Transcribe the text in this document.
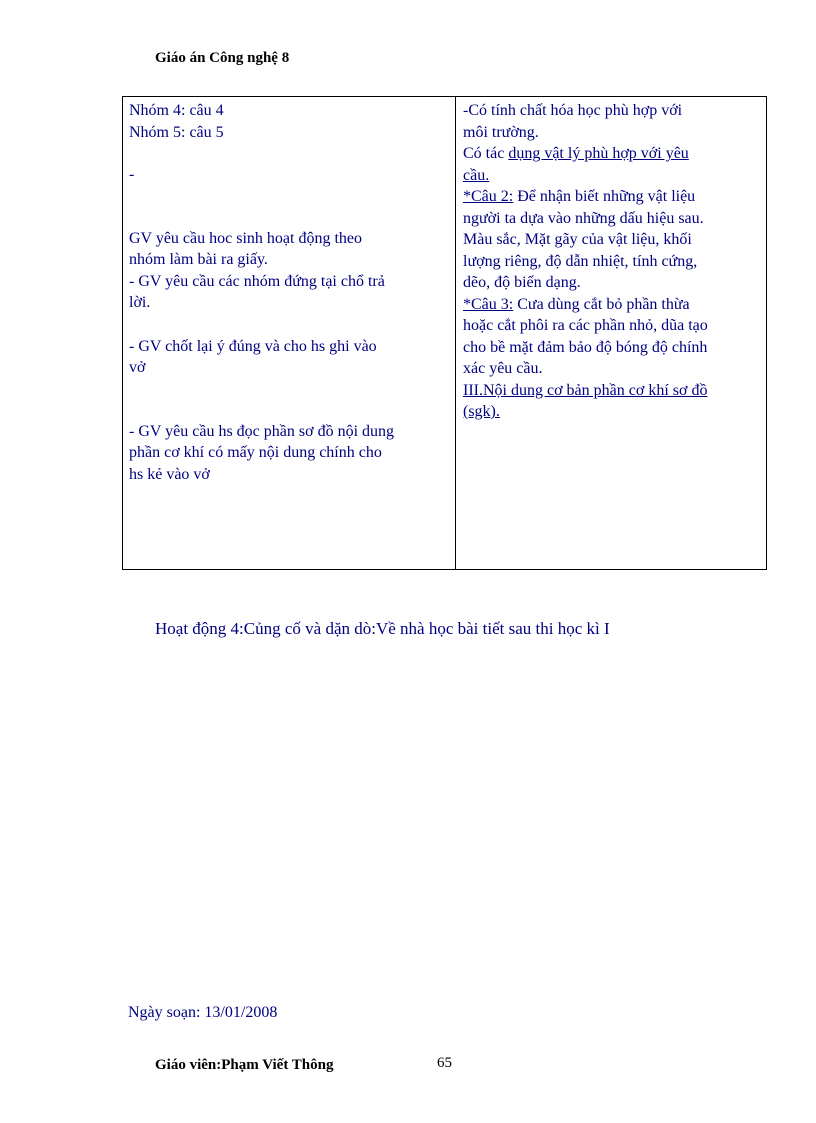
Giáo án Công nghệ 8
Nhóm 4: câu 4
Nhóm 5: câu 5
-
GV yêu cầu hoc sinh hoạt động theo
nhóm làm bài ra giấy.
- GV yêu cầu các nhóm đứng tại chổ trả
lời.
- GV chốt lại ý đúng và cho hs ghi vào
vở
- GV yêu cầu hs đọc phần sơ đồ nội dung
phần cơ khí có mấy nội dung chính cho
hs kẻ vào vở
-Có tính chất hóa học phù hợp với
môi trường.
Có tác dụng vật lý phù hợp với yêu
cầu.
*Câu 2: Để nhận biết những vật liệu
người ta dựa vào những dấu hiệu sau.
Màu sắc, Mặt gãy của vật liệu, khối
lượng riêng, độ dẫn nhiệt, tính cứng,
dẽo, độ biến dạng.
*Câu 3: Cưa dùng cắt bỏ phần thừa
hoặc cắt phôi ra các phần nhỏ, dũa tạo
cho bề mặt đảm bảo độ bóng độ chính
xác yêu cầu.
III.Nội dung cơ bản phần cơ khí sơ đồ
(sgk).
Hoạt động 4:Củng cố và dặn dò:Về nhà học bài tiết sau thi học kì I
Ngày soạn: 13/01/2008
Giáo viên:Phạm Viết Thông	65
